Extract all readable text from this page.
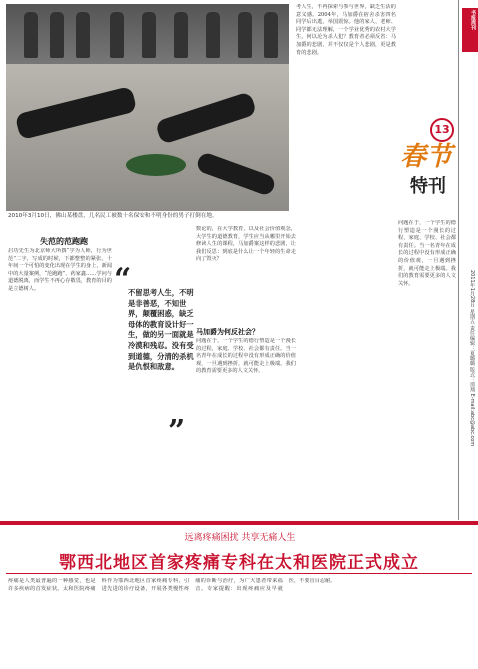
2010年3月10日，佛山某楼盘，几名民工被数十名保安和不明身份的男子打倒在地。
失范的范跑跑
启功先生为北京师大所撰“学为人师，行为世范”二字，写成的时候，下都整整的紧张。十年间一个可怕的变化出现在学生的身上，新闻中的大量案例，“范跑跑”、药家鑫……学问与道德脱离，而学生不再心存敬畏，教育的目的是立德树人。	“
不留思考人生，不明是非善恶，不知世界，颠覆困惑，缺乏母体的教育设计好一生，做的另一面就是冷漠和残忍。没有受到道德，分清的杀机是仇恨和敌意。
”
数论的，在大学教育，以及社会价值观念，大学生的道德教育，学生应当从哪里开始去修读人生的课程，马加爵案这样的悲剧，让我们反思：到底是什么让一个年轻的生命走向了毁灭？
马加爵为何反社会？
问题在于，一个学生的德行塑造是一个漫长的过程，家庭、学校、社会都有责任。当一名青年在成长的过程中没有形成正确的价值观，一旦遇到挫折，就可能走上极端。我们的教育需要更多的人文关怀。
考人生，不再探索与参与世界，缺乏生活的意义感。2004年，马加爵在宿舍杀害四名同学后出逃，举国震惊。他的家人、老师、同学都无法理解，一个学业优秀的农村大学生，何以沦为杀人犯？教育者必须反省：马加爵的悲剧，并不仅仅是个人悲剧，更是教育的悲剧。
问题在于，一个学生的德行塑造是一个漫长的过程，家庭、学校、社会都有责任。当一名青年在成长的过程中没有形成正确的价值观，一旦遇到挫折，就可能走上极端。我们的教育需要更多的人文关怀。
书报周刊
13
春节
特刊
2011年1月28日 星期五 责任编辑：夏璐璐 版式：谭翔 E-mail:abc@abc.com
远离疼痛困扰 共享无痛人生
鄂西北地区首家疼痛专科在太和医院正式成立
疼痛是人类最普遍的一种感觉，也是许多疾病的首发症状。太和医院疼痛科作为鄂西北地区首家疼痛专科，引进先进的诊疗设备，开展各类慢性疼痛的诊断与治疗，为广大患者带来福音。专家提醒：出现疼痛应及早就医，不要盲目忍耐。
